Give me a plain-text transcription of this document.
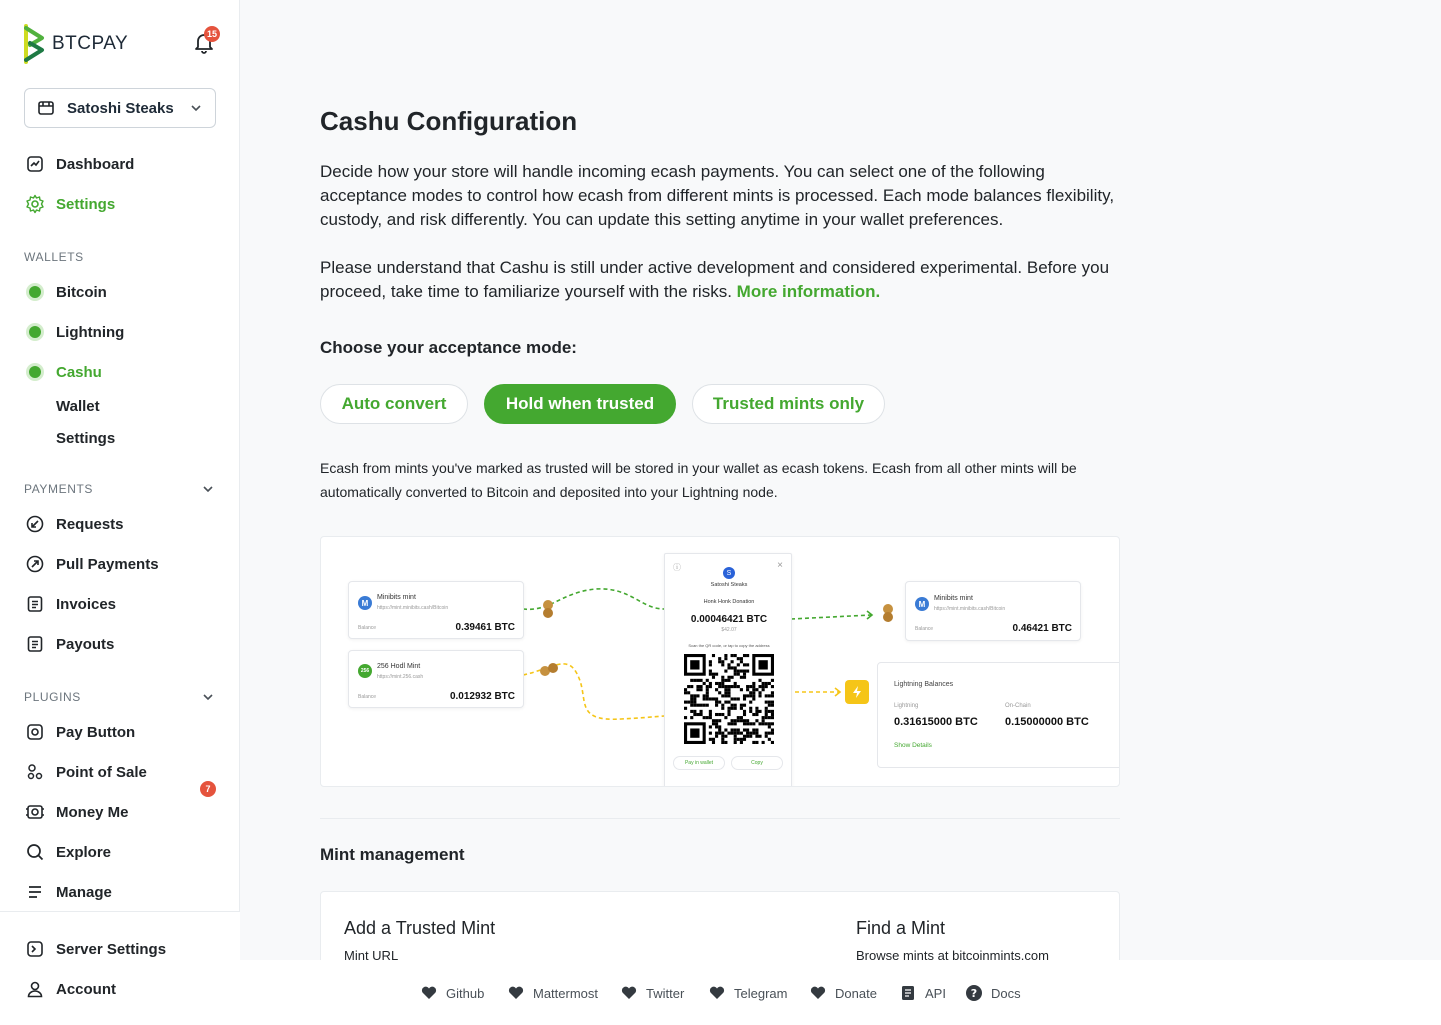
BTCPAY	15
Satoshi Steaks
Dashboard
Settings
WALLETS
Bitcoin
Lightning
Cashu
Wallet
Settings
PAYMENTS
Requests
Pull Payments
Invoices
Payouts
PLUGINS
Pay Button
Point of Sale
7
Money Me
Explore
Manage
Server Settings
Account
Cashu Configuration

Decide how your store will handle incoming ecash payments. You can select one of the following acceptance modes to control how ecash from different mints is processed. Each mode balances flexibility, custody, and risk differently. You can update this setting anytime in your wallet preferences.

Please understand that Cashu is still under active development and considered experimental. Before you proceed, take time to familiarize yourself with the risks. More information.

Choose your acceptance mode:
Auto convert	Hold when trusted	Trusted mints only

Ecash from mints you've marked as trusted will be stored in your wallet as ecash tokens. Ecash from all other mints will be automatically converted to Bitcoin and deposited into your Lightning node.

M
Minibits mint
https://mint.minibits.cash/Bitcoin
Balance	0.39461 BTC
256
256 Hodl Mint
https://mint.256.cash
Balance	0.012932 BTC
ⓘ	×
S
Satoshi Steaks
Honk Honk Donation
0.00046421 BTC
$42.07
Scan the QR code, or tap to copy the address
Pay in wallet	Copy
M
Minibits mint
https://mint.minibits.cash/Bitcoin
Balance	0.46421 BTC
Lightning Balances
Lightning
0.31615000 BTC
On-Chain
0.15000000 BTC
Show Details
Mint management
Add a Trusted Mint
Mint URL
Find a Mint
Browse mints at bitcoinmints.com
Github	Mattermost	Twitter	Telegram	Donate	API ? Docs
